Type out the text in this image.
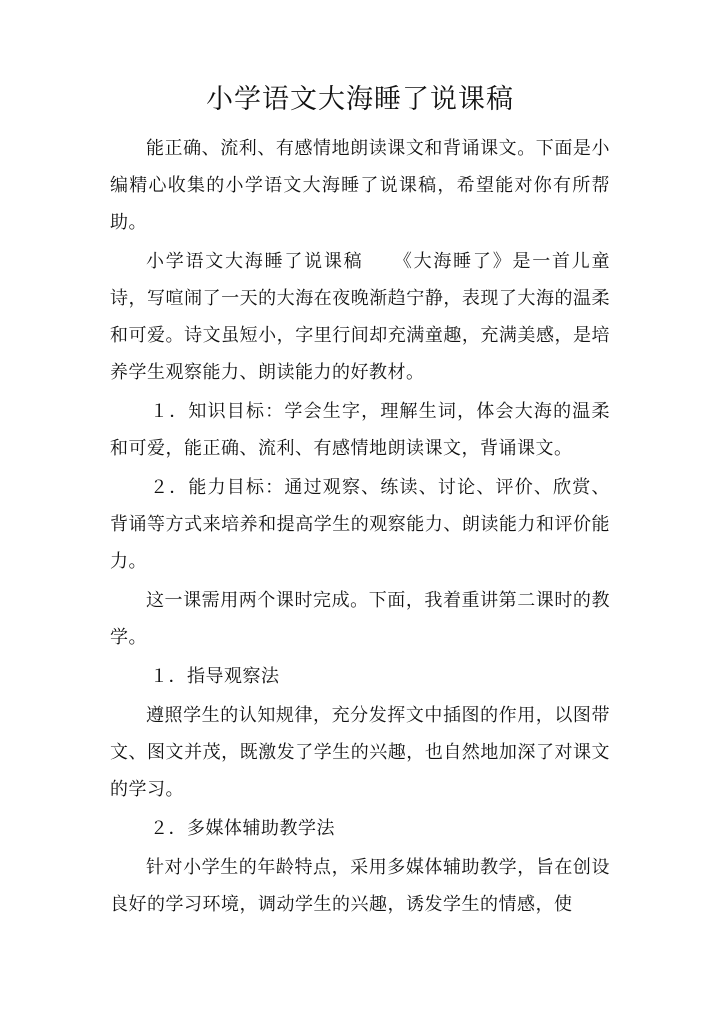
小学语文大海睡了说课稿

能正确、流利、有感情地朗读课文和背诵课文。下面是小编精心收集的小学语文大海睡了说课稿，希望能对你有所帮助。

小学语文大海睡了说课稿　　《大海睡了》是一首儿童诗，写喧闹了一天的大海在夜晚渐趋宁静，表现了大海的温柔和可爱。诗文虽短小，字里行间却充满童趣，充满美感，是培养学生观察能力、朗读能力的好教材。

１．知识目标：学会生字，理解生词，体会大海的温柔和可爱，能正确、流利、有感情地朗读课文，背诵课文。

２．能力目标：通过观察、练读、讨论、评价、欣赏、背诵等方式来培养和提高学生的观察能力、朗读能力和评价能力。

这一课需用两个课时完成。下面，我着重讲第二课时的教学。

１．指导观察法

遵照学生的认知规律，充分发挥文中插图的作用，以图带文、图文并茂，既激发了学生的兴趣，也自然地加深了对课文的学习。

２．多媒体辅助教学法

针对小学生的年龄特点，采用多媒体辅助教学，旨在创设良好的学习环境，调动学生的兴趣，诱发学生的情感，使
